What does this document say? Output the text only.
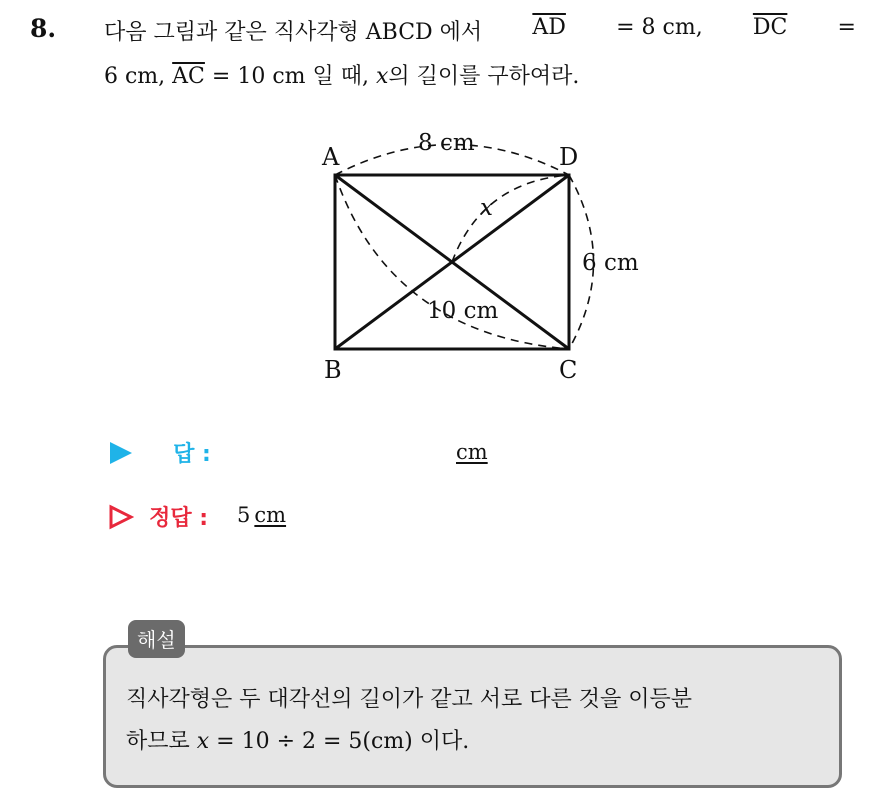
8. 다음 그림과 같은 직사각형 ABCD 에서 $\overline{AD} = 8$ cm, $\overline{DC}$ =
6 cm, $\overline{AC} = 10$ cm 일 때, x의 길이를 구하여라.
A	D
B	C
8 cm
6 cm
10 cm
x
답 :	cm
정답 : 5 cm
해설
직사각형은 두 대각선의 길이가 같고 서로 다른 것을 이등분
하므로 x = 10 ÷ 2 = 5(cm) 이다.
